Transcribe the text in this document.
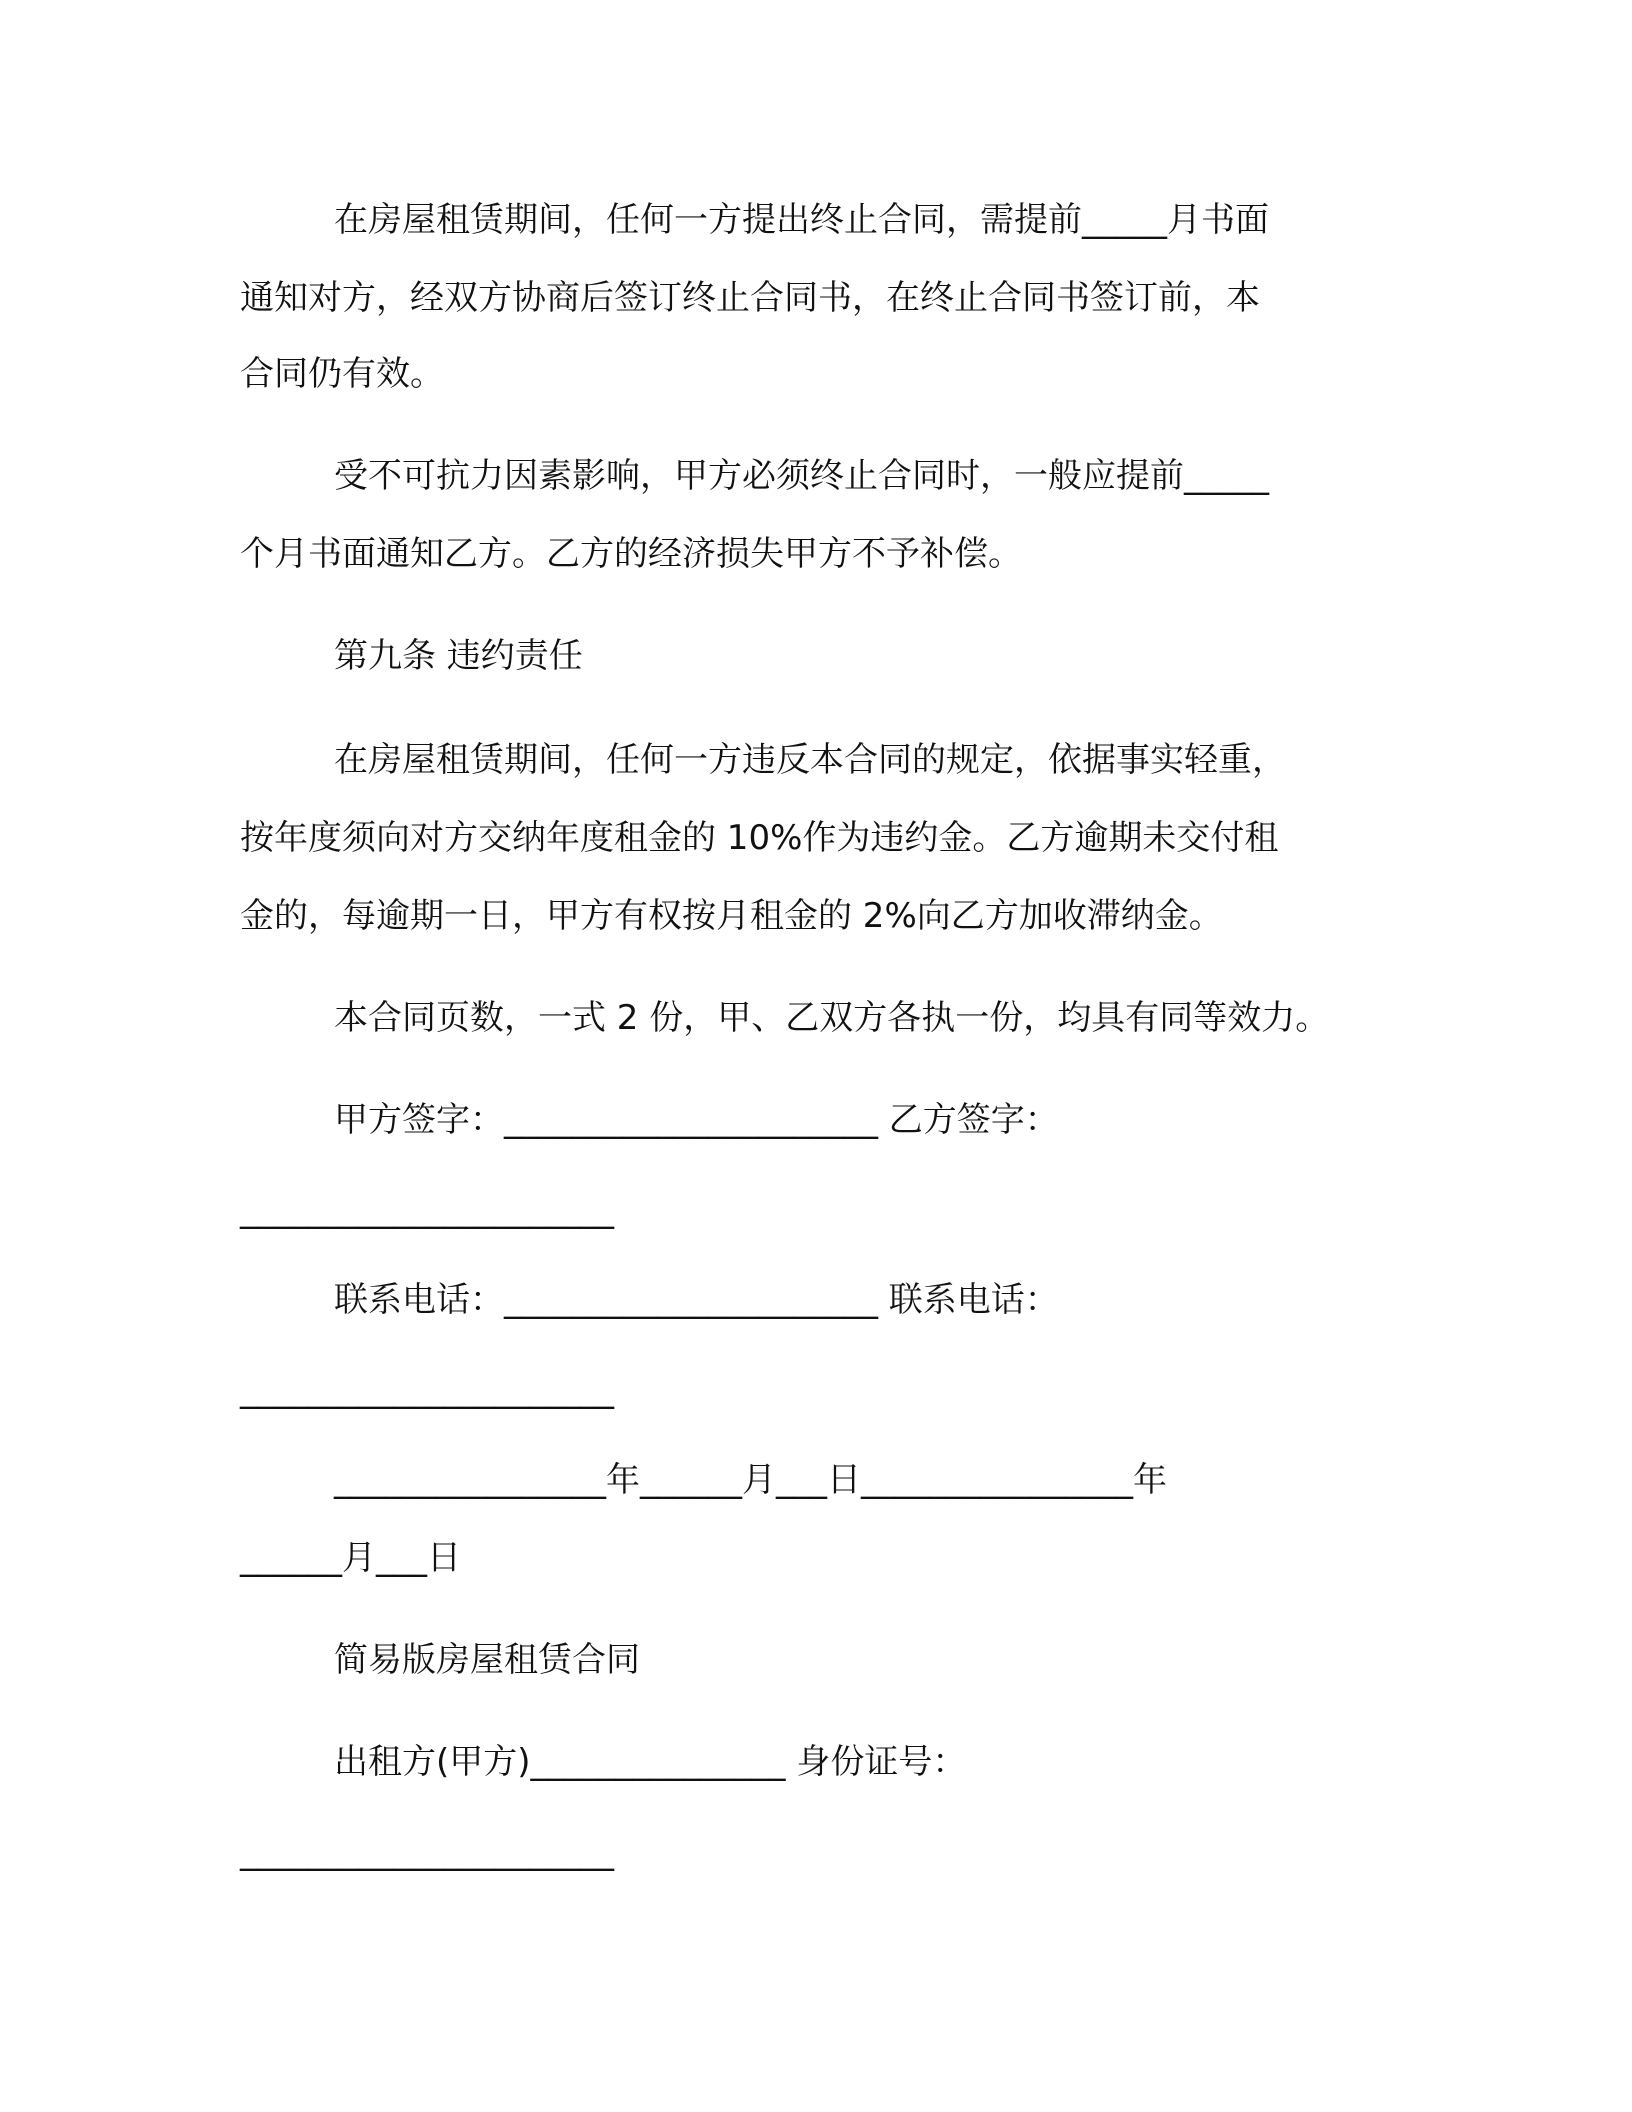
在房屋租赁期间，任何一方提出终止合同，需提前_____月书面
通知对方，经双方协商后签订终止合同书，在终止合同书签订前，本
合同仍有效。
受不可抗力因素影响，甲方必须终止合同时，一般应提前_____
个月书面通知乙方。乙方的经济损失甲方不予补偿。
第九条 违约责任
在房屋租赁期间，任何一方违反本合同的规定，依据事实轻重，
按年度须向对方交纳年度租金的 10%作为违约金。乙方逾期未交付租
金的，每逾期一日，甲方有权按月租金的 2%向乙方加收滞纳金。
本合同页数，一式 2 份，甲、乙双方各执一份，均具有同等效力。
甲方签字：______________________ 乙方签字：
______________________
联系电话：______________________ 联系电话：
______________________
________________年______月___日________________年
______月___日
简易版房屋租赁合同
出租方(甲方)_______________ 身份证号：
______________________
